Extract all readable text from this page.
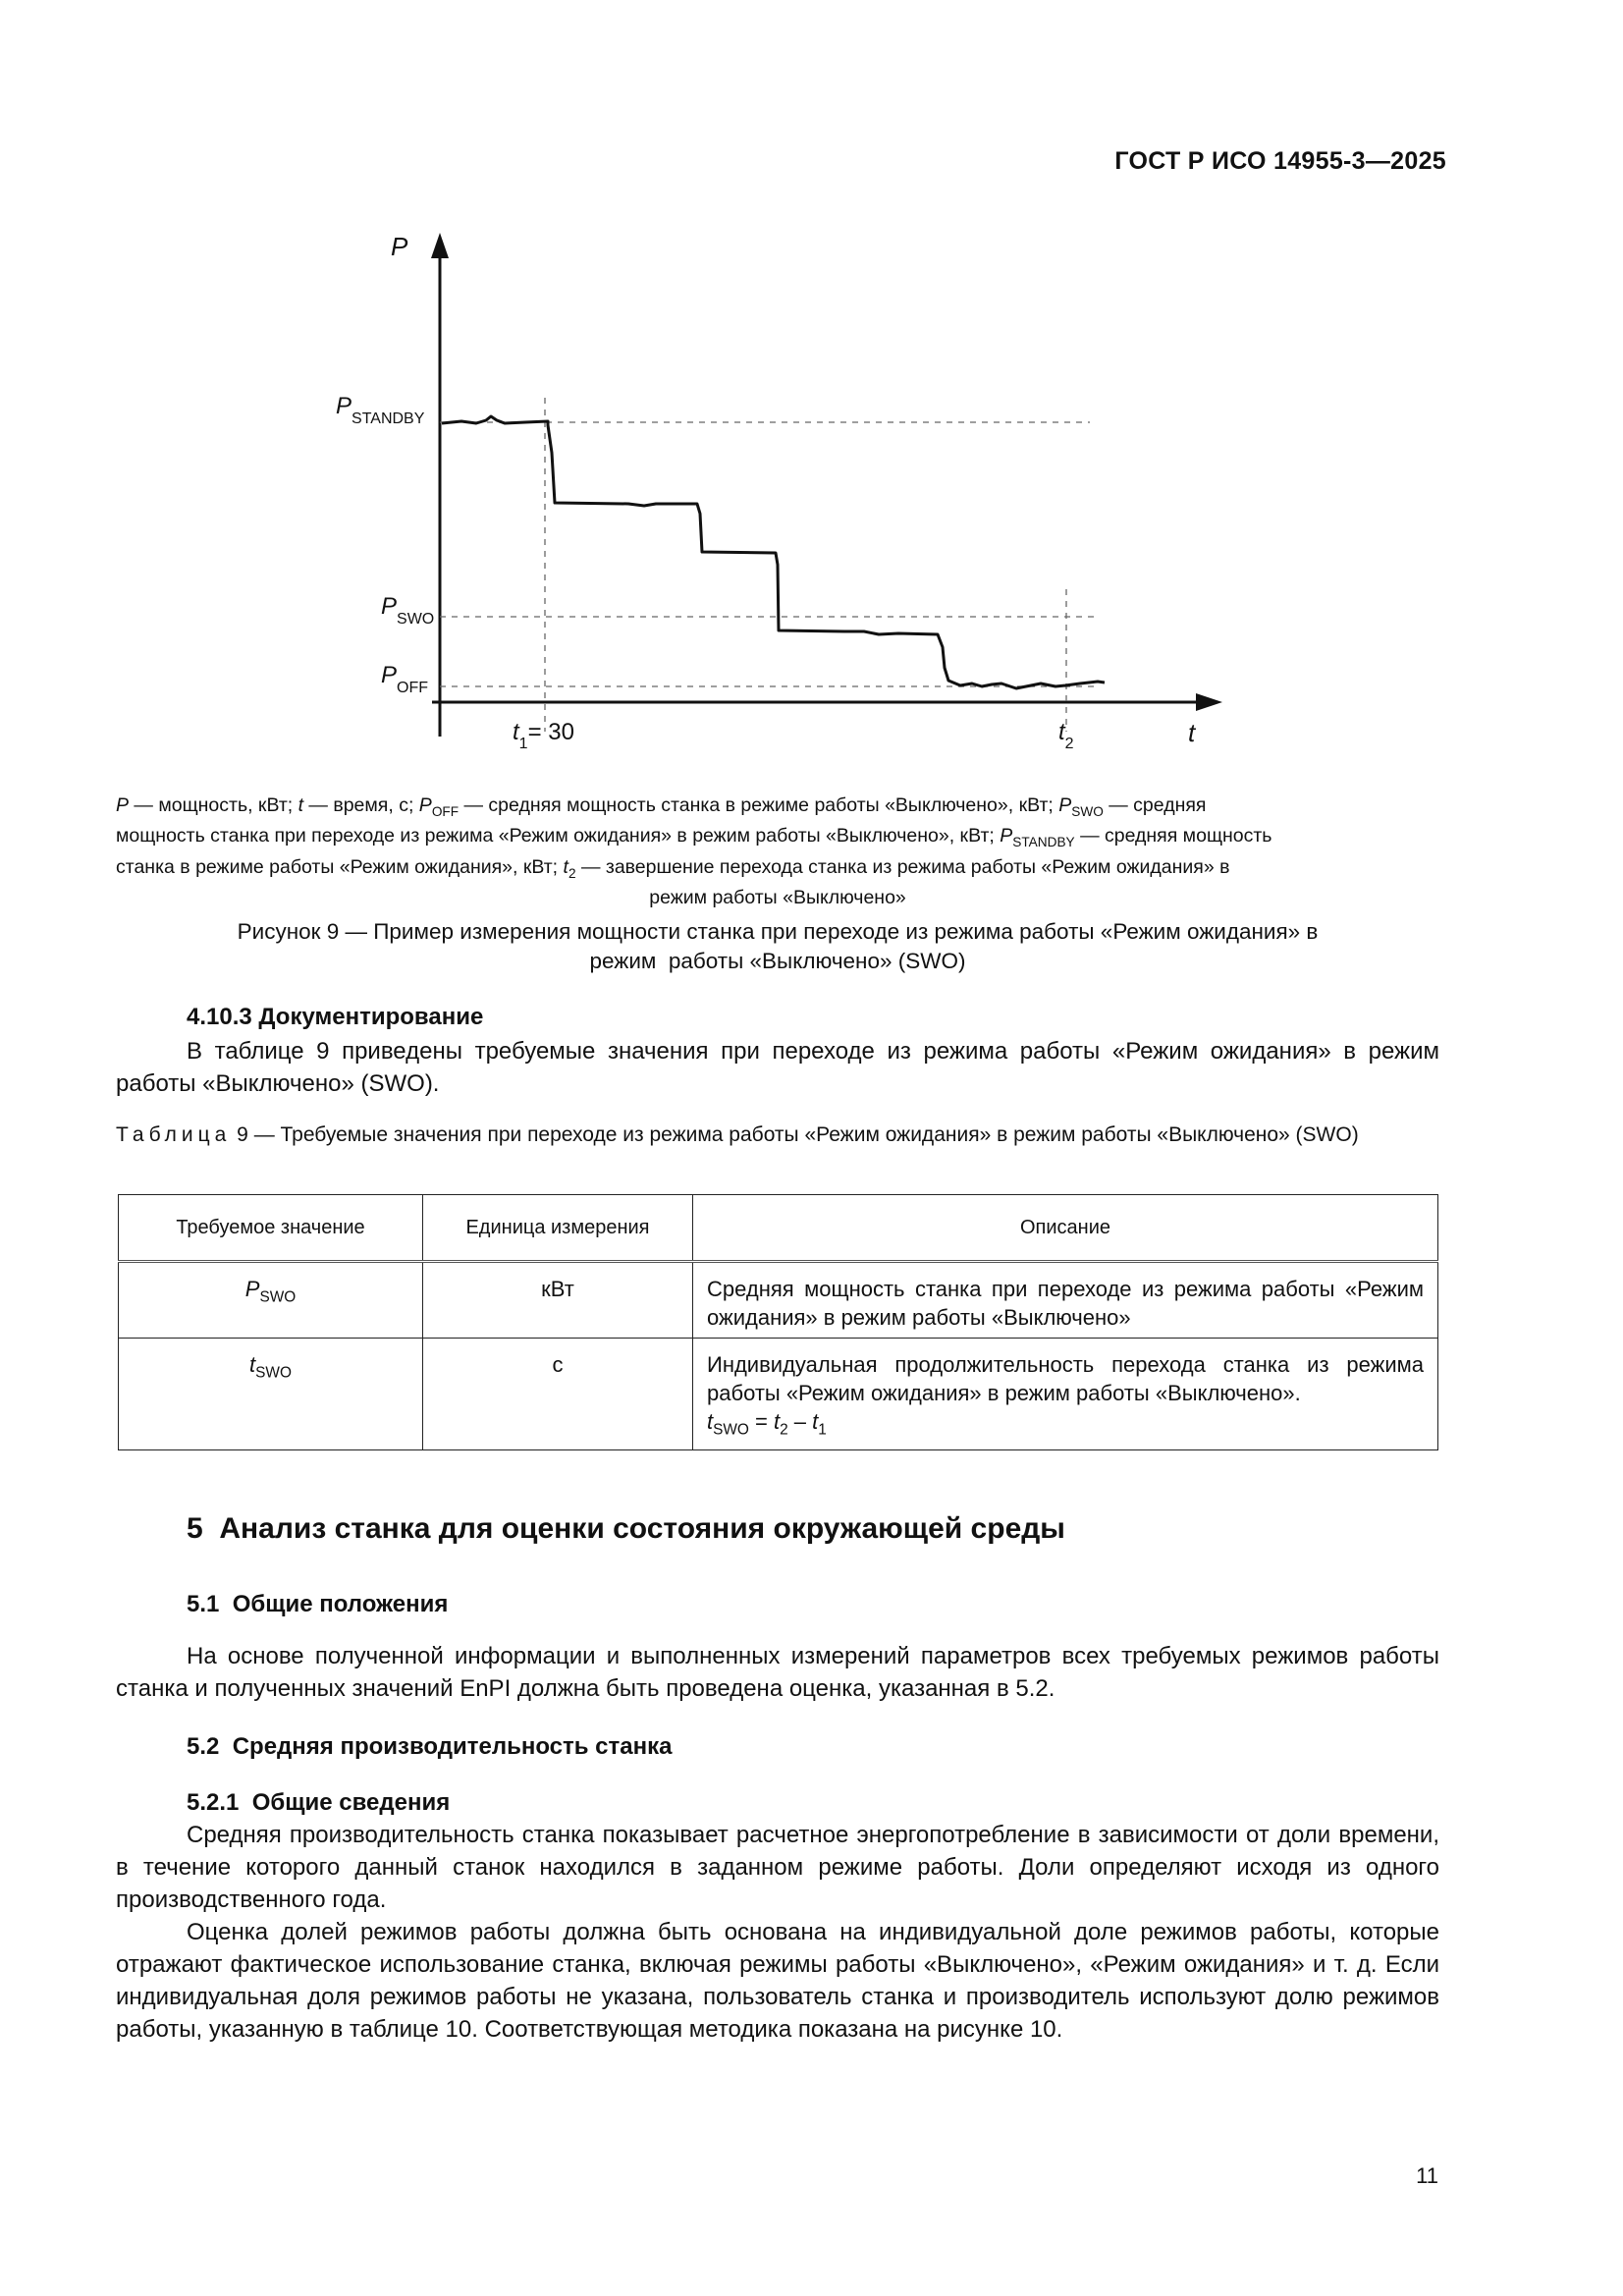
ГОСТ Р ИСО 14955-3—2025
P
t
$P_{STANDBY}$
$P_{SWO}$
$P_{OFF}$
$t_1= 30$	$t_2$
P — мощность, кВт; t — время, с; $P_{OFF}$ — средняя мощность станка в режиме работы «Выключено», кВт; $P_{SWO}$ — средняя
мощность станка при переходе из режима «Режим ожидания» в режим работы «Выключено», кВт; $P_{STANDBY}$ — средняя мощность
станка в режиме работы «Режим ожидания», кВт; $t_2$ — завершение перехода станка из режима работы «Режим ожидания» в
режим работы «Выключено»
Рисунок 9 — Пример измерения мощности станка при переходе из режима работы «Режим ожидания» в
режим  работы «Выключено» (SWO)
4.10.3 Документирование

В таблице 9 приведены требуемые значения при переходе из режима работы «Режим ожидания» в режим работы «Выключено» (SWO).

Таблица 9 — Требуемые значения при переходе из режима работы «Режим ожидания» в режим работы «Выключено» (SWO)
Требуемое значение	Единица измерения	Описание
$P_{SWO}$	кВт	Средняя мощность станка при переходе из режима работы «Режим ожидания» в режим работы «Выключено»
$t_{SWO}$	с	Индивидуальная продолжительность перехода станка из режима работы «Режим ожидания» в режим работы «Выключено».
$t_{SWO} = t_2 - t_1$
5  Анализ станка для оценки состояния окружающей среды
5.1  Общие положения

На основе полученной информации и выполненных измерений параметров всех требуемых режимов работы станка и полученных значений EnPI должна быть проведена оценка, указанная в 5.2.

5.2  Средняя производительность станка
5.2.1  Общие сведения

Средняя производительность станка показывает расчетное энергопотребление в зависимости от доли времени, в течение которого данный станок находился в заданном режиме работы. Доли определяют исходя из одного производственного года.

Оценка долей режимов работы должна быть основана на индивидуальной доле режимов работы, которые отражают фактическое использование станка, включая режимы работы «Выключено», «Режим ожидания» и т. д. Если индивидуальная доля режимов работы не указана, пользователь станка и производитель используют долю режимов работы, указанную в таблице 10. Соответствующая методика показана на рисунке 10.

11
